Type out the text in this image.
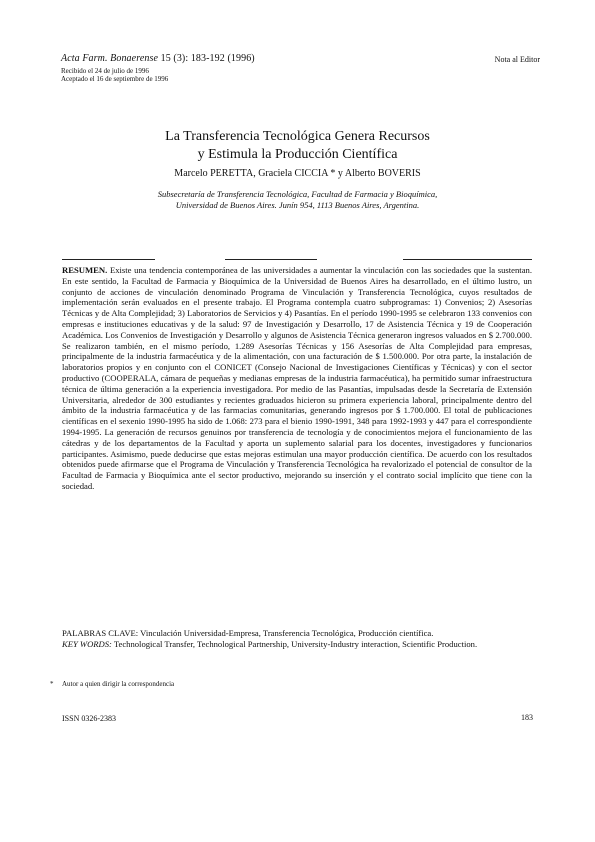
Acta Farm. Bonaerense 15 (3): 183-192 (1996)	Nota al Editor
Recibido el 24 de julio de 1996
Aceptado el 16 de septiembre de 1996
La Transferencia Tecnológica Genera Recursos
y Estimula la Producción Científica
Marcelo PERETTA, Graciela CICCIA * y Alberto BOVERIS
Subsecretaría de Transferencia Tecnológica, Facultad de Farmacia y Bioquímica,
Universidad de Buenos Aires. Junín 954, 1113 Buenos Aires, Argentina.

RESUMEN. Existe una tendencia contemporánea de las universidades a aumentar la vinculación con las sociedades que la sustentan. En este sentido, la Facultad de Farmacia y Bioquímica de la Universidad de Buenos Aires ha desarrollado, en el último lustro, un conjunto de acciones de vinculación denominado Programa de Vinculación y Transferencia Tecnológica, cuyos resultados de implementación serán evaluados en el presente trabajo. El Programa contempla cuatro subprogramas: 1) Convenios; 2) Asesorías Técnicas y de Alta Complejidad; 3) Laboratorios de Servicios y 4) Pasantías. En el período 1990-1995 se celebraron 133 convenios con empresas e instituciones educativas y de la salud: 97 de Investigación y Desarrollo, 17 de Asistencia Técnica y 19 de Cooperación Académica. Los Convenios de Investigación y Desarrollo y algunos de Asistencia Técnica generaron ingresos valuados en $ 2.700.000. Se realizaron también, en el mismo período, 1.289 Asesorías Técnicas y 156 Asesorías de Alta Complejidad para empresas, principalmente de la industria farmacéutica y de la alimentación, con una facturación de $ 1.500.000. Por otra parte, la instalación de laboratorios propios y en conjunto con el CONICET (Consejo Nacional de Investigaciones Científicas y Técnicas) y con el sector productivo (COOPERALA, cámara de pequeñas y medianas empresas de la industria farmacéutica), ha permitido sumar infraestructura técnica de última generación a la experiencia investigadora. Por medio de las Pasantías, impulsadas desde la Secretaría de Extensión Universitaria, alrededor de 300 estudiantes y recientes graduados hicieron su primera experiencia laboral, principalmente dentro del ámbito de la industria farmacéutica y de las farmacias comunitarias, generando ingresos por $ 1.700.000. El total de publicaciones científicas en el sexenio 1990-1995 ha sido de 1.068: 273 para el bienio 1990-1991, 348 para 1992-1993 y 447 para el correspondiente 1994-1995. La generación de recursos genuinos por transferencia de tecnología y de conocimientos mejora el funcionamiento de las cátedras y de los departamentos de la Facultad y aporta un suplemento salarial para los docentes, investigadores y funcionarios participantes. Asimismo, puede deducirse que estas mejoras estimulan una mayor producción científica. De acuerdo con los resultados obtenidos puede afirmarse que el Programa de Vinculación y Transferencia Tecnológica ha revalorizado el potencial de consultor de la Facultad de Farmacia y Bioquímica ante el sector productivo, mejorando su inserción y el contrato social implícito que tiene con la sociedad.

PALABRAS CLAVE: Vinculación Universidad-Empresa, Transferencia Tecnológica, Producción científica.

KEY WORDS: Technological Transfer, Technological Partnership, University-Industry interaction, Scientific Production.

* Autor a quien dirigir la correspondencia
ISSN 0326-2383	183
